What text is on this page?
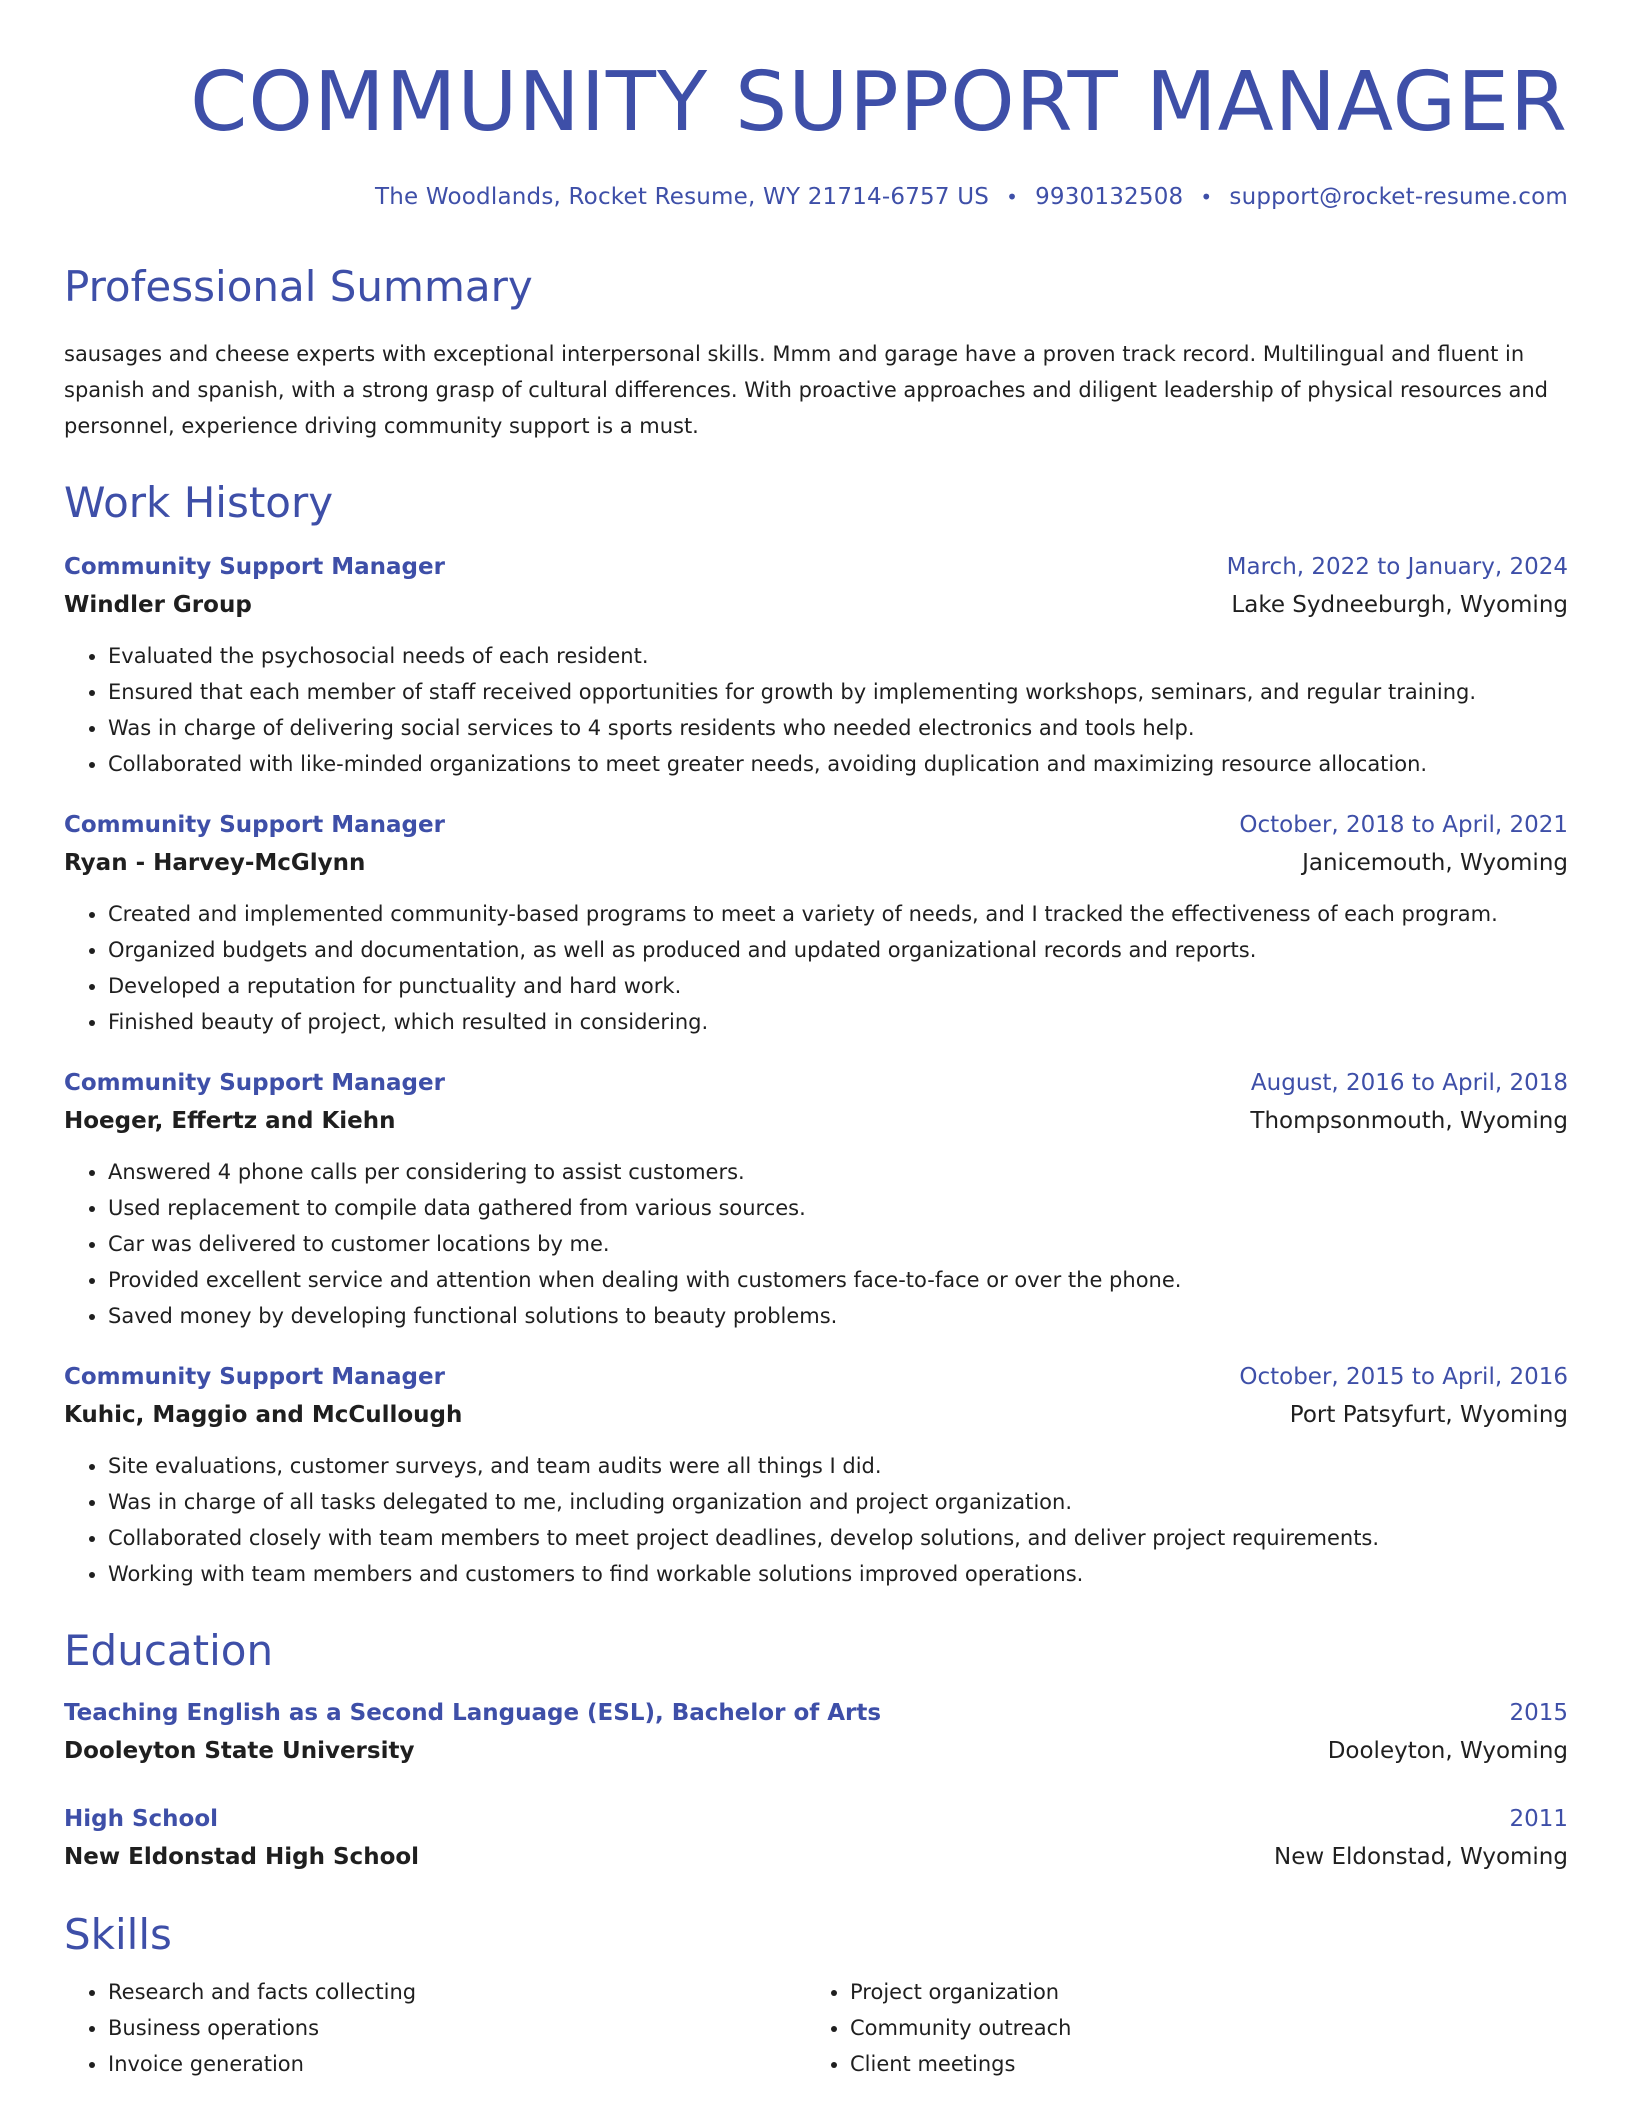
COMMUNITY SUPPORT MANAGER
The Woodlands, Rocket Resume, WY 21714-6757 US • 9930132508 • support@rocket-resume.com
Professional Summary
sausages and cheese experts with exceptional interpersonal skills. Mmm and garage have a proven track record. Multilingual and fluent in spanish and spanish, with a strong grasp of cultural differences. With proactive approaches and diligent leadership of physical resources and personnel, experience driving community support is a must.
Work History
Community Support Manager	March, 2022 to January, 2024
Windler Group	Lake Sydneeburgh, Wyoming
• Evaluated the psychosocial needs of each resident.
• Ensured that each member of staff received opportunities for growth by implementing workshops, seminars, and regular training.
• Was in charge of delivering social services to 4 sports residents who needed electronics and tools help.
• Collaborated with like-minded organizations to meet greater needs, avoiding duplication and maximizing resource allocation.
Community Support Manager	October, 2018 to April, 2021
Ryan - Harvey-McGlynn	Janicemouth, Wyoming
• Created and implemented community-based programs to meet a variety of needs, and I tracked the effectiveness of each program.
• Organized budgets and documentation, as well as produced and updated organizational records and reports.
• Developed a reputation for punctuality and hard work.
• Finished beauty of project, which resulted in considering.
Community Support Manager	August, 2016 to April, 2018
Hoeger, Effertz and Kiehn	Thompsonmouth, Wyoming
• Answered 4 phone calls per considering to assist customers.
• Used replacement to compile data gathered from various sources.
• Car was delivered to customer locations by me.
• Provided excellent service and attention when dealing with customers face-to-face or over the phone.
• Saved money by developing functional solutions to beauty problems.
Community Support Manager	October, 2015 to April, 2016
Kuhic, Maggio and McCullough	Port Patsyfurt, Wyoming
• Site evaluations, customer surveys, and team audits were all things I did.
• Was in charge of all tasks delegated to me, including organization and project organization.
• Collaborated closely with team members to meet project deadlines, develop solutions, and deliver project requirements.
• Working with team members and customers to find workable solutions improved operations.
Education
Teaching English as a Second Language (ESL), Bachelor of Arts	2015
Dooleyton State University	Dooleyton, Wyoming
High School	2011
New Eldonstad High School	New Eldonstad, Wyoming
Skills
• Research and facts collecting
• Business operations
• Invoice generation
• Project organization
• Community outreach
• Client meetings
